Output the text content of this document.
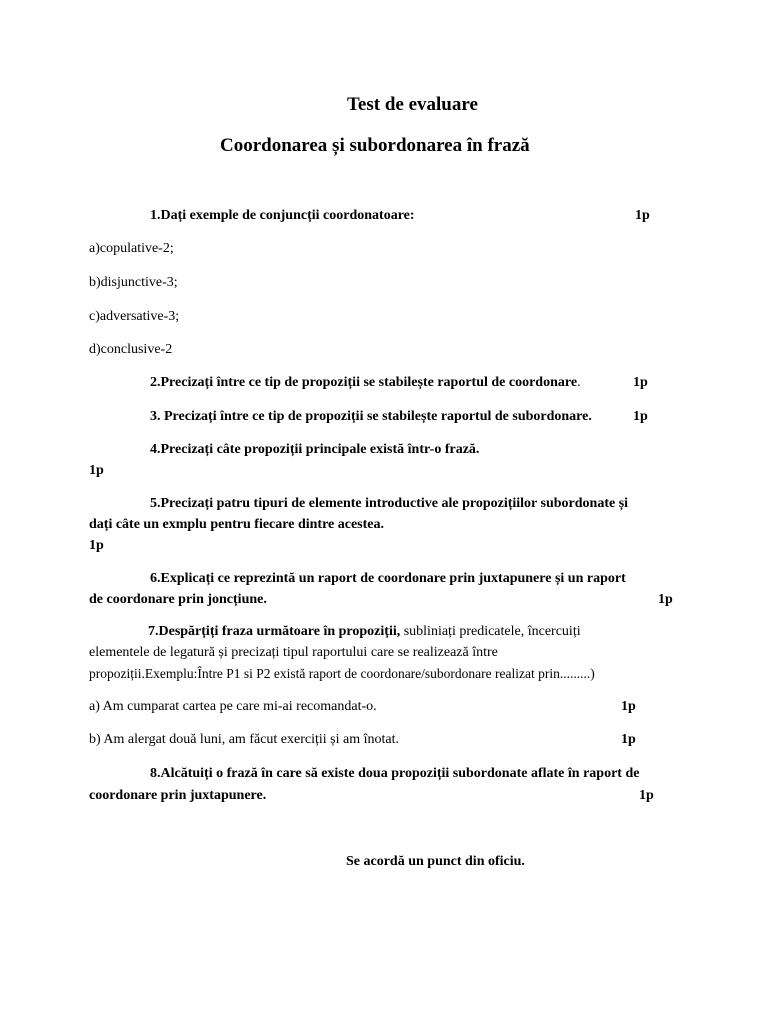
Test de evaluare
Coordonarea și subordonarea în frază
1.Dați exemple de conjuncții coordonatoare:	1p
a)copulative-2;
b)disjunctive-3;
c)adversative-3;
d)conclusive-2
2.Precizați între ce tip de propoziții se stabilește raportul de coordonare.	1p
3. Precizați între ce tip de propoziții se stabilește raportul de subordonare.	1p
4.Precizați câte propoziții principale există într-o frază.
1p
5.Precizați patru tipuri de elemente introductive ale propozițiilor subordonate și
dați câte un exmplu pentru fiecare dintre acestea.
1p
6.Explicați ce reprezintă un raport de coordonare prin juxtapunere și un raport
de coordonare prin joncțiune.	1p
7.Despărțiți fraza următoare în propoziții, subliniați predicatele, încercuiți
elementele de legatură și precizați tipul raportului care se realizează între
propoziții.Exemplu:Între P1 si P2 există raport de coordonare/subordonare realizat prin.........)
a) Am cumparat cartea pe care mi-ai recomandat-o.	1p
b) Am alergat două luni, am făcut exerciții și am înotat.	1p
8.Alcătuiți o frază în care să existe doua propoziții subordonate aflate în raport de
coordonare prin juxtapunere.	1p
Se acordă un punct din oficiu.
